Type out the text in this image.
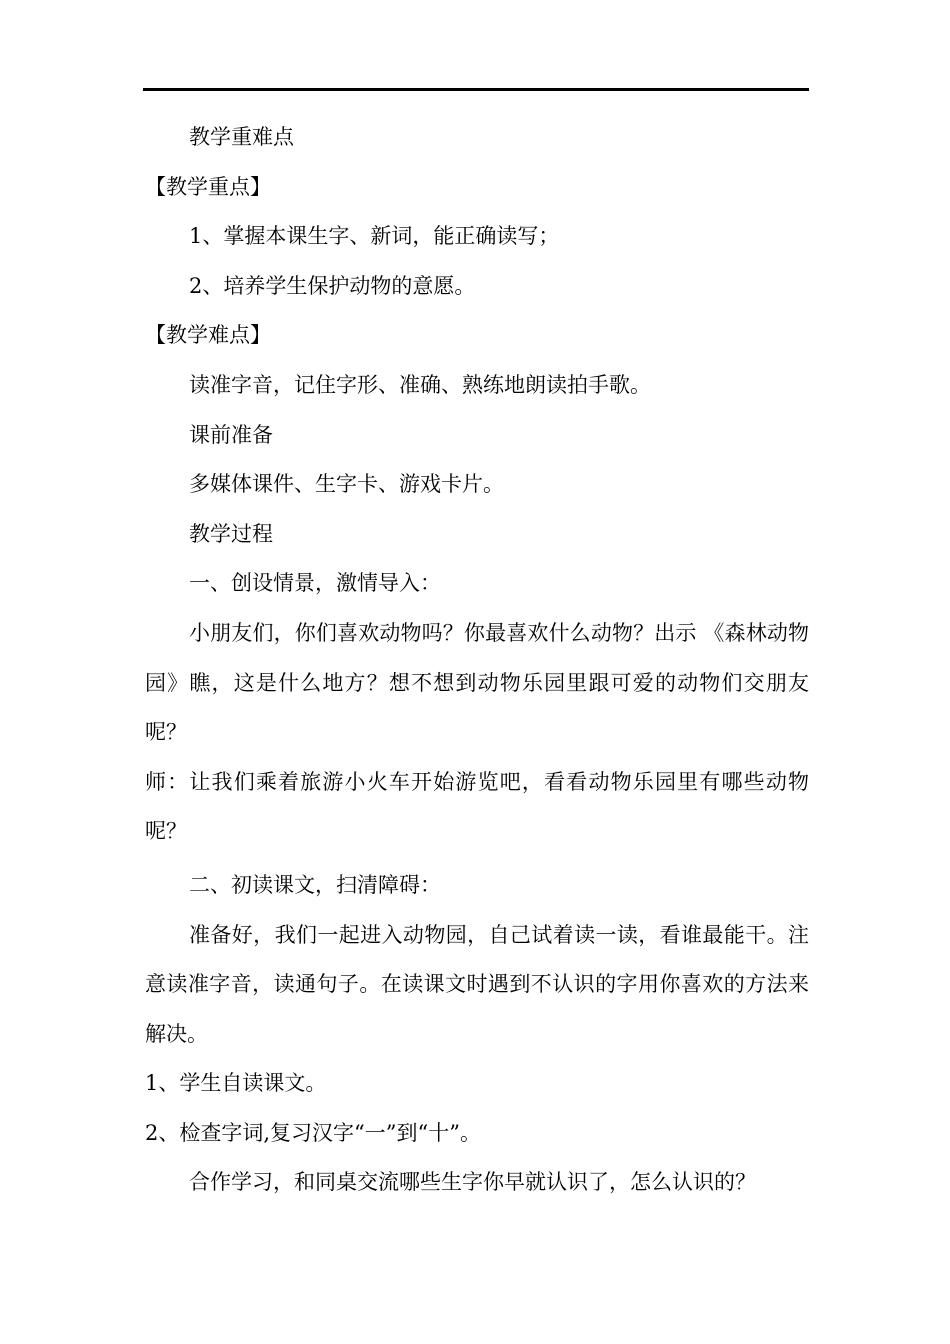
教学重难点

【教学重点】

1、掌握本课生字、新词，能正确读写；

2、培养学生保护动物的意愿。

【教学难点】

读准字音，记住字形、准确、熟练地朗读拍手歌。

课前准备

多媒体课件、生字卡、游戏卡片。

教学过程

一、创设情景，激情导入：

小朋友们，你们喜欢动物吗？你最喜欢什么动物？出示 《森林动物园》瞧，这是什么地方？想不想到动物乐园里跟可爱的动物们交朋友呢？

师：让我们乘着旅游小火车开始游览吧，看看动物乐园里有哪些动物呢？

二、初读课文，扫清障碍：

准备好，我们一起进入动物园，自己试着读一读，看谁最能干。注意读准字音，读通句子。在读课文时遇到不认识的字用你喜欢的方法来解决。

1、学生自读课文。

2、检查字词,复习汉字“一”到“十”。

合作学习，和同桌交流哪些生字你早就认识了，怎么认识的？
